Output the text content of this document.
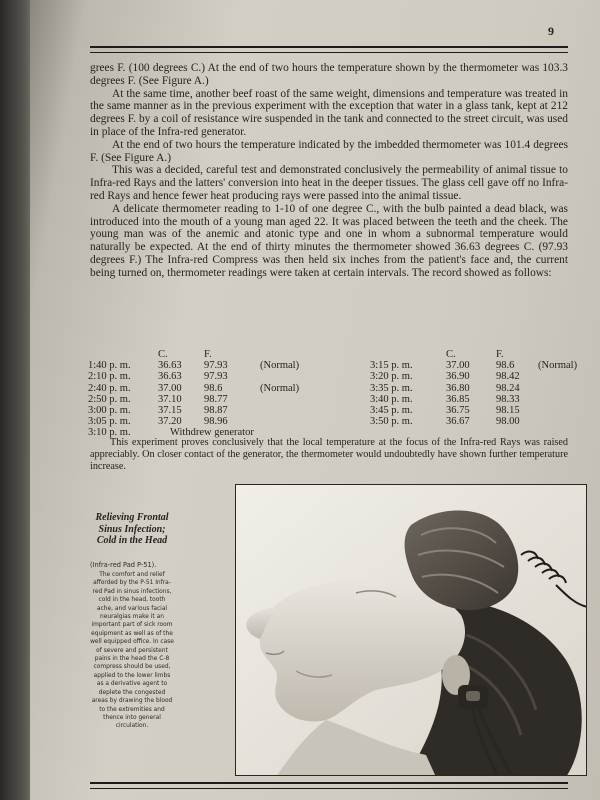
9

grees F. (100 degrees C.) At the end of two hours the temperature shown by the thermometer was 103.3 degrees F. (See Figure A.)

At the same time, another beef roast of the same weight, dimensions and temperature was treated in the same manner as in the previous experiment with the exception that water in a glass tank, kept at 212 degrees F. by a coil of resistance wire suspended in the tank and connected to the street circuit, was used in place of the Infra-red generator.

At the end of two hours the temperature indicated by the imbedded thermometer was 101.4 degrees F. (See Figure A.)

This was a decided, careful test and demonstrated conclusively the permeability of animal tissue to Infra-red Rays and the latters' conversion into heat in the deeper tissues. The glass cell gave off no Infra-red Rays and hence fewer heat producing rays were passed into the animal tissue.

A delicate thermometer reading to 1-10 of one degree C., with the bulb painted a dead black, was introduced into the mouth of a young man aged 22. It was placed between the teeth and the cheek. The young man was of the anemic and atonic type and one in whom a subnormal temperature would naturally be expected. At the end of thirty minutes the thermometer showed 36.63 degrees C. (97.93 degrees F.) The Infra-red Compress was then held six inches from the patient's face and, the current being turned on, thermometer readings were taken at certain intervals. The record showed as follows:

	C.	F.	
1:40 p. m.	36.63	97.93	(Normal)
2:10 p. m.	36.63	97.93	
2:40 p. m.	37.00	98.6	(Normal)
2:50 p. m.	37.10	98.77	
3:00 p. m.	37.15	98.87	
3:05 p. m.	37.20	98.96	
3:10 p. m.	Withdrew generator
	C.	F.	
3:15 p. m.	37.00	98.6	(Normal)
3:20 p. m.	36.90	98.42	
3:35 p. m.	36.80	98.24	
3:40 p. m.	36.85	98.33	
3:45 p. m.	36.75	98.15	
3:50 p. m.	36.67	98.00	

This experiment proves conclusively that the local temperature at the focus of the Infra-red Rays was raised appreciably. On closer contact of the generator, the thermometer would undoubtedly have shown further temperature increase.

Relieving Frontal Sinus Infection; Cold in the Head
(Infra-red Pad P-51).
The comfort and relief afforded by the P-51 Infra-red Pad in sinus infections, cold in the head, tooth ache, and various facial neuralgias make it an important part of sick room equipment as well as of the well equipped office. In case of severe and persistent pains in the head the C-8 compress should be used, applied to the lower limbs as a derivative agent to deplete the congested areas by drawing the blood to the extremities and thence into general circulation.
